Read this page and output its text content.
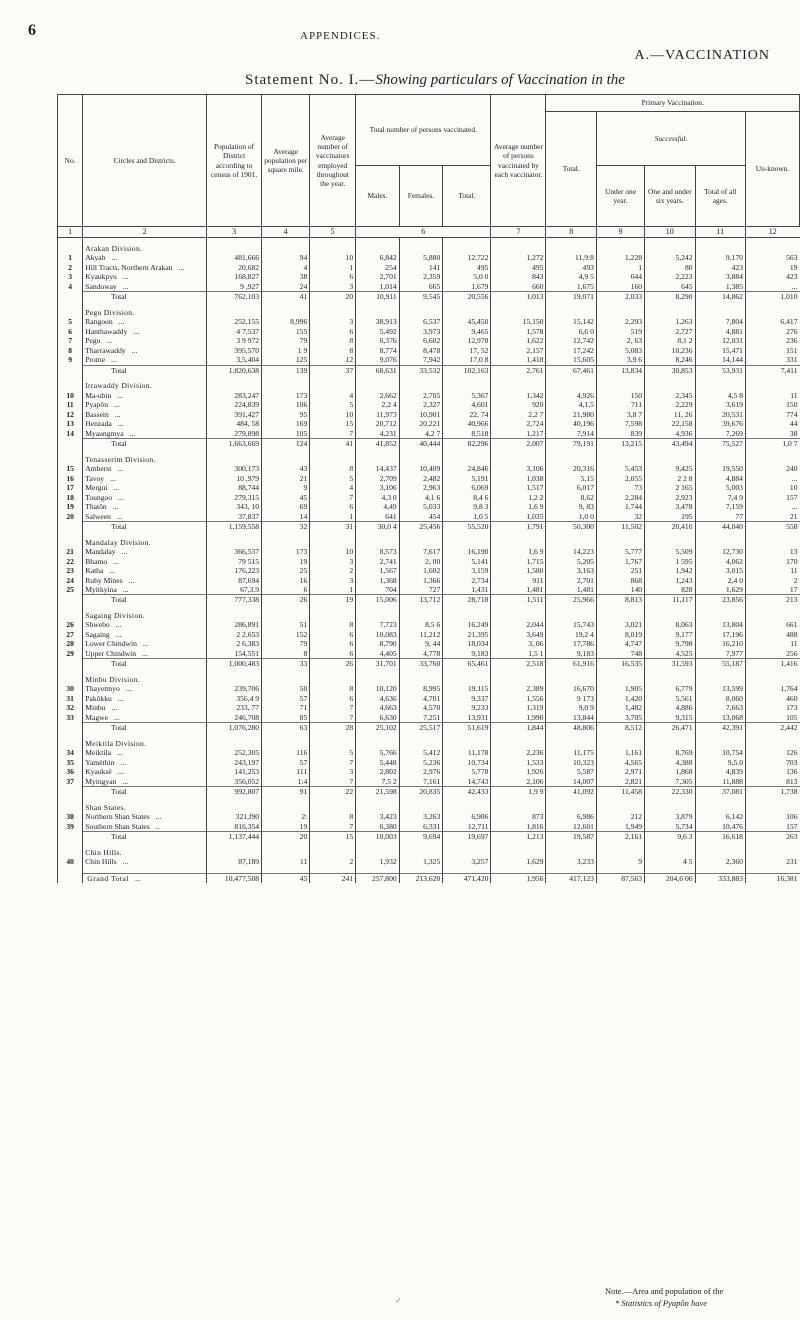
6	APPENDICES.
A.—VACCINATION
Statement No. I.—Showing particulars of Vaccination in the
No.	Circles and Districts.	Population of District according to census of 1901.	Average population per square mile.	Average number of vaccinators employed throughout the year.	Total number of persons vaccinated.			Average number of persons vaccinated by each vaccinator.	Primary Vaccination.				
									Total.	Successful.			Un-known.
					Males.	Females.	Total.			Under one year.	One and under six years.	Total of all ages.	
1	2	3	4	5	6			7	8	9	10	11	12

	Arakan Division.												
1	Akyab ...	481,666	94	10	6,842	5,880	12,722	1,272	11,9:8	1,228	5,242	9,170	563
2	Hill Tracts, Northern Arakan ...	20,682	4	1	254	141	495	495	493	1	80	423	19
3	Kyaukpyu ...	168,827	38	6	2,701	2,359	5,0 0	843	4,9 5	644	2,223	3,884	423
4	Sandoway ...	9 ,927	24	3	1,014	665	1,679	660	1,675	160	645	1,385	...
	Total	762,103	41	20	10,911	9,545	20,556	1,013	19,071	2,033	8,290	14,862	1,010

	Pegu Division.												
5	Rangoon ...	252,155	8,996	3	38,913	6,537	45,450	15,150	15,142	2,293	1,263	7,804	6,417
6	Hanthawaddy ...	4 7,537	155	6	5,492	3,973	9,465	1,578	6,6 0	519	2,727	4,881	276
7	Pegu ...	3 9 972	79	8	6,376	6,602	12,978	1,622	12,742	2, 63	8,1 2	12,031	236
8	Tharrawaddy ...	395,570	1 9	8	8,774	8,478	17, 52	2,157	17,242	5,083	10,236	15,471	151
9	Prome ...	3,5,404	125	12	9,076	7,942	17,0 8	1,418	15,605	3,9 6	8,246	14,144	331
	Total	1,820,638	139	37	68,631	33,532	102,163	2,761	67,461	13,834	30,853	53,931	7,411

	Irrawaddy Division.												
10	Ma-ubin ...	283,247	173	4	2,662	2,705	5,367	1,342	4,926	150	2,345	4,5 8	11
11	Pyapôn ...	224,839	106	5	2,2 4	2,327	4,601	920	4,1,5	711	2,229	3,619	150
12	Bassein ...	391,427	95	10	11,973	10,901	22, 74	2,2 7	21,980	3,8 7	11, 26	20,531	774
13	Henzada ...	484, 58	169	15	20,712	20,221	40,966	2,724	40,196	7,598	22,158	39,676	44
14	Myaungmya ...	279,898	105	7	4,231	4,2 7	8,518	1,217	7,914	839	4,936	7,269	38
	Total	1,663,669	124	41	41,852	40,444	82,296	2,007	79,191	13,215	43,494	75,527	1,0 7

	Tenasserim Division.												
15	Amherst ...	300,173	43	8	14,437	10,409	24,846	3,106	20,316	5,453	9,425	19,550	240
16	Tavoy ...	10 ,979	21	5	2,709	2,482	5,191	1,038	5,15	2,055	2 2 8	4,884	...
17	Mergui ...	88,744	9	4	3,106	2,963	6,069	1,517	6,017	73	2 165	5,003	10
18	Toungoo ...	279,315	45	7	4,3 0	4,1 6	8,4 6	1,2 2	8,62	2,284	2,923	7,4 9	157
19	Thatôn ...	343, 10	69	6	4,49	5,033	9,8 3	1,6 9	9, 83	1,744	3,478	7,159	...
20	Salween ...	37,837	14	1	641	454	1,0 5	1,035	1,0 0	32	195	77	21
	Total	1,159,558	32	31	30,0 4	25,456	55,520	1,791	50,300	11,502	20,410	44,040	558

	Mandalay Division.												
21	Mandalay ...	366,537	173	10	8,573	7,617	16,190	1,6 9	14,223	5,777	5,509	12,730	13
22	Bhamo ...	79 515	19	3	2,741	2, 00	5,141	1,715	5,205	1,767	1 595	4,062	170
23	Katha ...	176,223	25	2	1,567	1,602	3,159	1,580	3,163	251	1,942	3,015	11
24	Ruby Mines ...	87,694	16	3	1,368	1,366	2,734	911	2,701	868	1,243	2,4 0	2
25	Myitkyina ...	67,3.9	6	1	704	727	1,431	1,481	1,481	140	828	1,629	17
	Total	777,338	26	19	15,006	13,712	28,718	1,511	25,966	8,813	11,117	23,856	213

	Sagaing Division.												
26	Shwebo ...	286,891	51	8	7,723	8,5 6	16,249	2,044	15,743	3,021	8,063	13,804	661
27	Sagaing ...	2 2,653	152	6	10,083	11,212	21,395	3,649	19,2 4	8,019	9,177	17,196	488
28	Lower Chindwin ...	2 6,383	79	6	8,790	9, 44	18,034	3, 06	17,786	4,747	9,798	16,210	11
29	Upper Chindwin ...	154,551	8	6	4,405	4,778	9,183	1,5 1	9,183	748	4,525	7,977	256
	Total	1,000,483	33	26	31,701	33,760	65,461	2,518	61,916	16,535	31,593	55,187	1,416

	Minbu Division.												
30	Thayetmyo ...	239,706	50	8	10,120	8,995	19,115	2,389	16,670	1,905	6,779	13,599	1,764
31	Pakôkku ...	356,4 9	57	6	4,636	4,701	9,337	1,556	9 173	1,420	5,561	8,060	460
32	Minbu ...	233, 77	71	7	4,663	4,570	9,233	1,319	9,0 9	1,482	4,886	7,663	173
33	Magwe ...	246,708	85	7	6,630	7,251	13,931	1,990	13,844	3,705	9,315	13,068	105
	Total	1,076,280	63	28	25,102	25,517	51,619	1,844	48,806	8,512	26,471	42,391	2,442

	Meiktila Division.												
34	Meiktila ...	252,305	116	5	5,766	5,412	11,178	2,236	11,175	1,161	8,769	10,754	126
35	Yamèthin ...	243,197	57	7	5,448	5,236	10,734	1,533	10,323	4,565	4,388	9,5.0	703
36	Kyauksè ...	141,253	111	3	2,802	2,976	5,778	1,926	5,587	2,971	1,868	4,839	136
37	Myingyan ...	356,052	1:4	7	7,5 2	7,161	14,743	2,106	14,007	2,821	7,305	11,888	813
	Total	992,807	91	22	21,598	20,835	42,433	1,9 9	41,092	11,458	22,330	37,081	1,738

	Shan States.												
38	Northern Shan States ...	321,f90	2:	8	3,423	3,263	6,986	873	6,986	212	3,879	6,142	106
39	Southern Shan States ..	816,354	19	7	6,380	6,331	12,711	1,816	12,601	1,949	5,734	10,476	157
	Total	1,137,444	20	15	10,003	9,694	19,697	1,213	19,587	2,161	9,6 3	16,618	263

	Chin Hills.												
40	Chin Hills ...	87,189	11	2	1,932	1,325	3,257	1,629	3,233	9	4 5	2,360	231

	Grand Total ...	10,477,508	45	241	257,800	213,620	471,420	1,956	417,123	87,563	204,6 06	333,883	16,381
✓
Note.—Area and population of the
* Statistics of Pyapôn have
